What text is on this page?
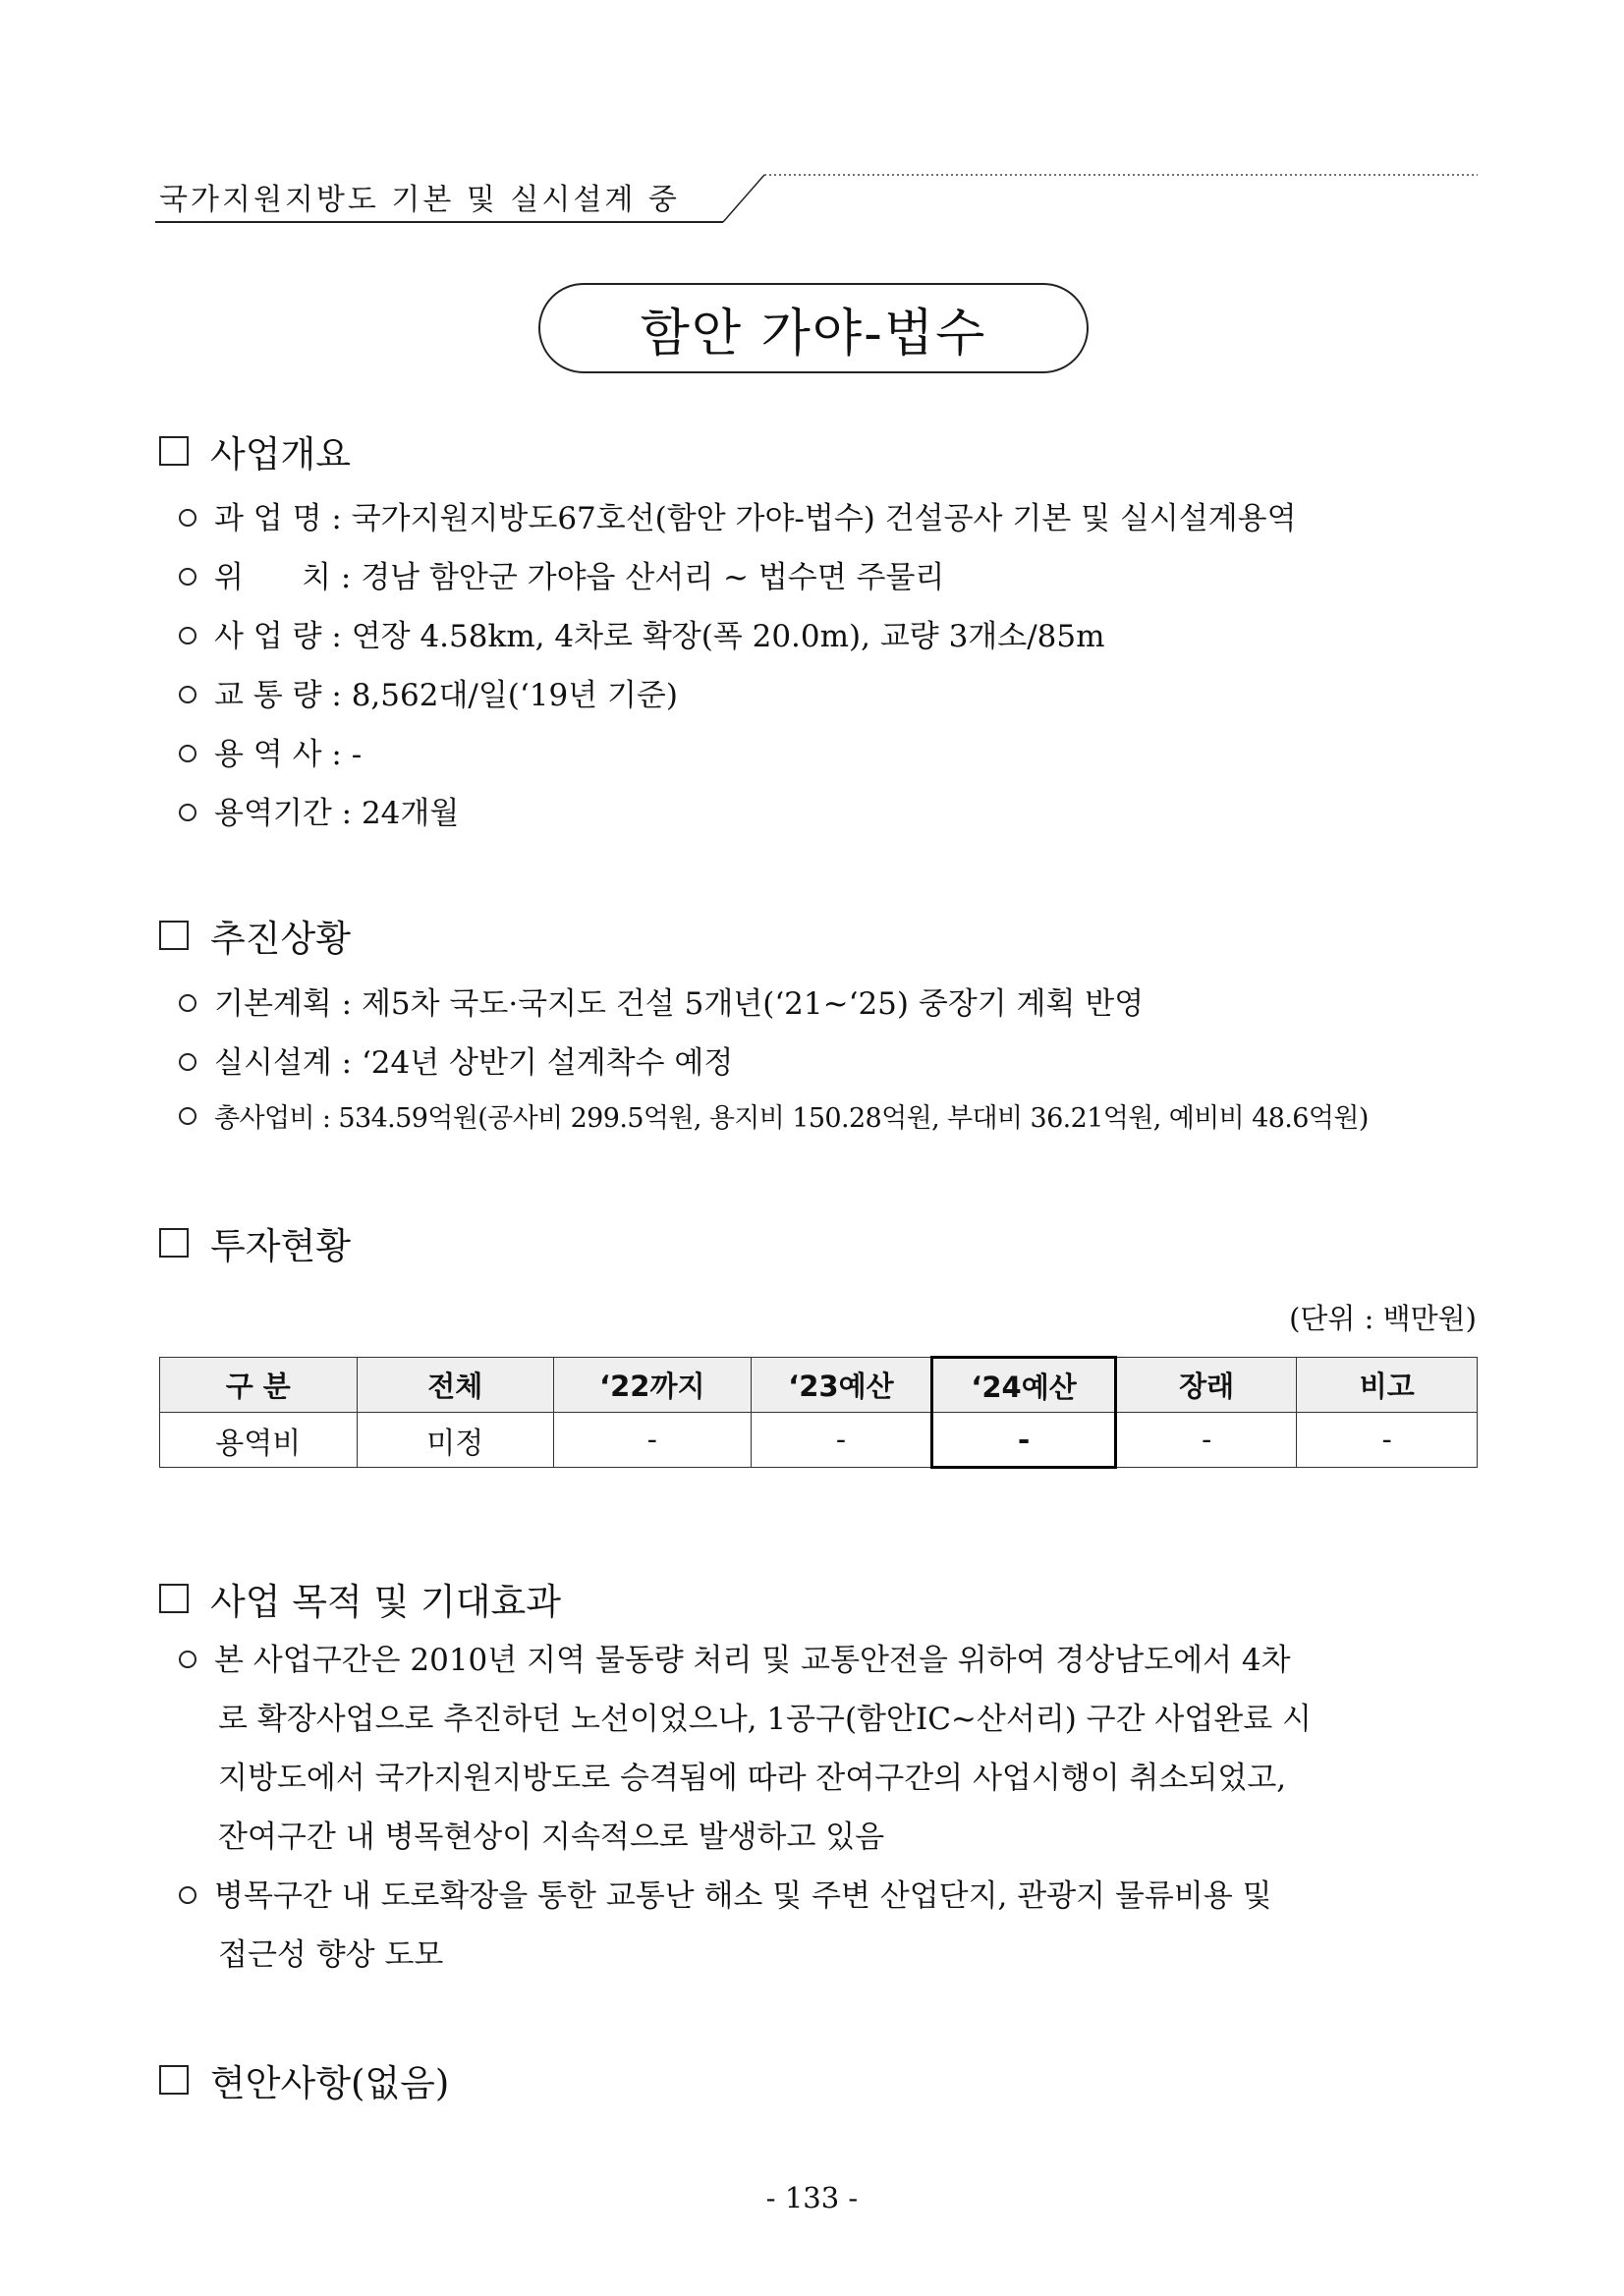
국가지원지방도 기본 및 실시설계 중
함안 가야-법수
사업개요
과 업 명 : 국가지원지방도67호선(함안 가야-법수) 건설공사 기본 및 실시설계용역
위      치 : 경남 함안군 가야읍 산서리 ~ 법수면 주물리
사 업 량 : 연장 4.58km, 4차로 확장(폭 20.0m), 교량 3개소/85m
교 통 량 : 8,562대/일(‘19년 기준)
용 역 사 : -
용역기간 : 24개월
추진상황
기본계획 : 제5차 국도·국지도 건설 5개년(‘21~‘25) 중장기 계획 반영
실시설계 : ‘24년 상반기 설계착수 예정
총사업비 : 534.59억원(공사비 299.5억원, 용지비 150.28억원, 부대비 36.21억원, 예비비 48.6억원)
투자현황
(단위 : 백만원)
구 분	전체	‘22까지	‘23예산	‘24예산	장래	비고
용역비	미정	-	-	-	-	-
사업 목적 및 기대효과
본 사업구간은 2010년 지역 물동량 처리 및 교통안전을 위하여 경상남도에서 4차
로 확장사업으로 추진하던 노선이었으나, 1공구(함안IC~산서리) 구간 사업완료 시
지방도에서 국가지원지방도로 승격됨에 따라 잔여구간의 사업시행이 취소되었고,
잔여구간 내 병목현상이 지속적으로 발생하고 있음
병목구간 내 도로확장을 통한 교통난 해소 및 주변 산업단지, 관광지 물류비용 및
접근성 향상 도모
현안사항(없음)
- 133 -
